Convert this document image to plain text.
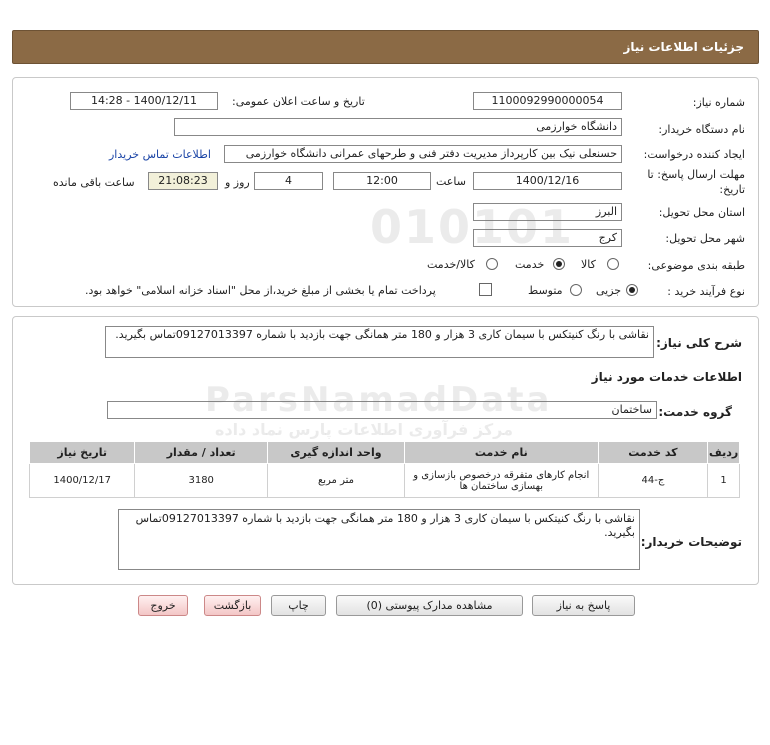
جزئیات اطلاعات نیاز
شماره نیاز:
1100092990000054
تاریخ و ساعت اعلان عمومی:
1400/12/11 - 14:28
نام دستگاه خریدار:
دانشگاه خوارزمی
ایجاد کننده درخواست:
حسنعلی نیک بین کارپرداز مدیریت دفتر فنی و طرحهای عمرانی دانشگاه خوارزمی
اطلاعات تماس خریدار
مهلت ارسال پاسخ: تا
تاریخ:
1400/12/16
ساعت
12:00
4
روز و
21:08:23
ساعت باقی مانده
استان محل تحویل:
البرز
شهر محل تحویل:
کرج
طبقه بندی موضوعی:
کالا
خدمت
کالا/خدمت
نوع فرآیند خرید :
جزیی
متوسط
پرداخت تمام یا بخشی از مبلغ خرید،از محل "اسناد خزانه اسلامی" خواهد بود.
شرح کلی نیاز:
نقاشی با رنگ کنیتکس با سیمان کاری 3 هزار و 180 متر همانگی جهت بازدید با شماره 09127013397تماس بگیرید.
اطلاعات خدمات مورد نیاز
گروه خدمت:
ساختمان
ردیف	کد خدمت	نام خدمت	واحد اندازه گیری	تعداد / مقدار	تاریخ نیاز
1	ج-44	انجام کارهای متفرقه درخصوص بازسازی و بهسازی ساختمان ها	متر مربع	3180	1400/12/17
توضیحات خریدار:
نقاشی با رنگ کنیتکس با سیمان کاری 3 هزار و 180 متر همانگی جهت بازدید با شماره 09127013397تماس بگیرید.
پاسخ به نیاز
مشاهده مدارک پیوستی (0)
چاپ
بازگشت
خروج
